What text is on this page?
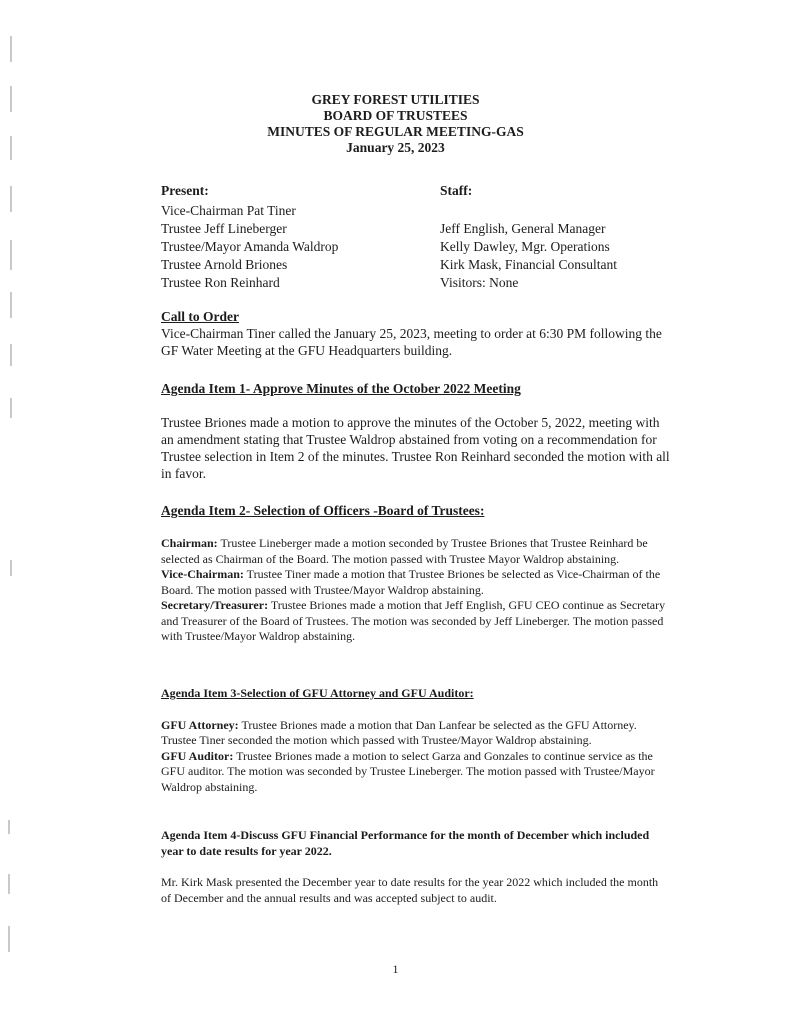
GREY FOREST UTILITIES
BOARD OF TRUSTEES
MINUTES OF REGULAR MEETING-GAS
January 25, 2023
Present:
Vice-Chairman Pat Tiner
Trustee Jeff Lineberger
Trustee/Mayor Amanda Waldrop
Trustee Arnold Briones
Trustee Ron Reinhard
Staff:
Jeff English, General Manager
Kelly Dawley, Mgr. Operations
Kirk Mask, Financial Consultant
Visitors: None
Call to Order

Vice-Chairman Tiner called the January 25, 2023, meeting to order at 6:30 PM following the GF Water Meeting at the GFU Headquarters building.

Agenda Item 1- Approve Minutes of the October 2022 Meeting

Trustee Briones made a motion to approve the minutes of the October 5, 2022, meeting with an amendment stating that Trustee Waldrop abstained from voting on a recommendation for Trustee selection in Item 2 of the minutes. Trustee Ron Reinhard seconded the motion with all in favor.

Agenda Item 2- Selection of Officers -Board of Trustees:

Chairman: Trustee Lineberger made a motion seconded by Trustee Briones that Trustee Reinhard be selected as Chairman of the Board. The motion passed with Trustee Mayor Waldrop abstaining.

Vice-Chairman: Trustee Tiner made a motion that Trustee Briones be selected as Vice-Chairman of the Board. The motion passed with Trustee/Mayor Waldrop abstaining.

Secretary/Treasurer: Trustee Briones made a motion that Jeff English, GFU CEO continue as Secretary and Treasurer of the Board of Trustees. The motion was seconded by Jeff Lineberger. The motion passed with Trustee/Mayor Waldrop abstaining.

Agenda Item 3-Selection of GFU Attorney and GFU Auditor:

GFU Attorney: Trustee Briones made a motion that Dan Lanfear be selected as the GFU Attorney. Trustee Tiner seconded the motion which passed with Trustee/Mayor Waldrop abstaining.

GFU Auditor: Trustee Briones made a motion to select Garza and Gonzales to continue service as the GFU auditor. The motion was seconded by Trustee Lineberger. The motion passed with Trustee/Mayor Waldrop abstaining.

Agenda Item 4-Discuss GFU Financial Performance for the month of December which included year to date results for year 2022.

Mr. Kirk Mask presented the December year to date results for the year 2022 which included the month of December and the annual results and was accepted subject to audit.

1
